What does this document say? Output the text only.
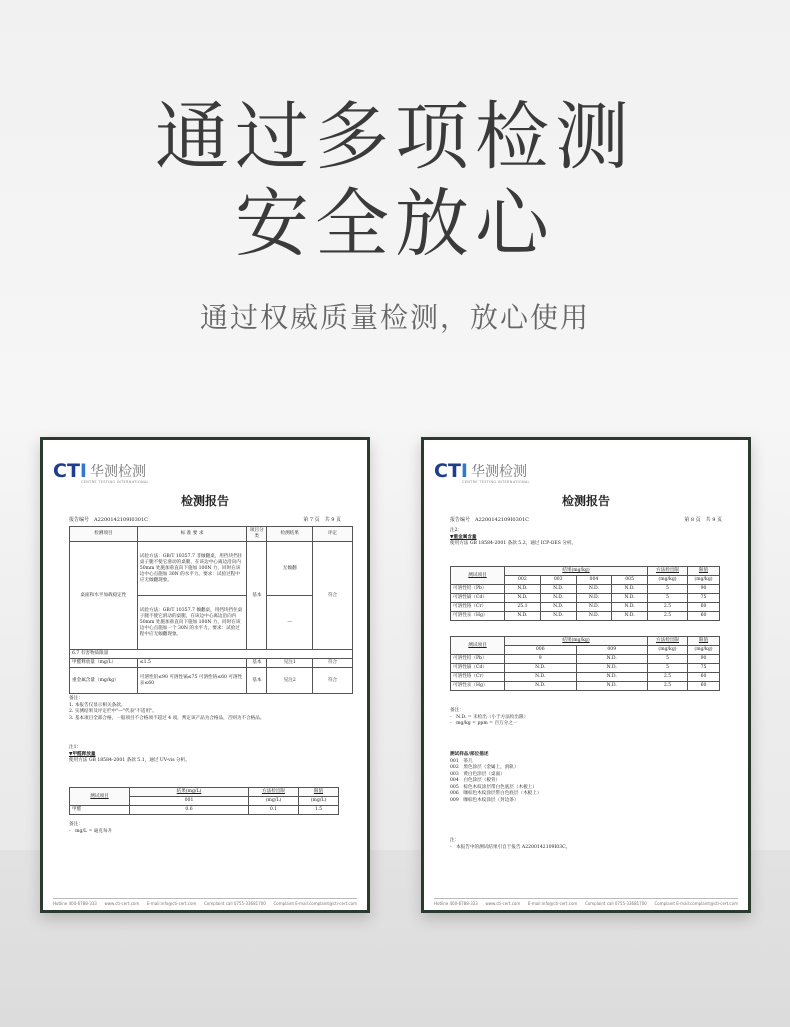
通过多项检测
安全放心
通过权威质量检测，放心使用
CTI 华测检测
CENTRE TESTING INTERNATIONAL
检测报告
报告编号　A2200142109I0301C	第 7 页　共 9 页
检测项目	标 准 要 求	项目分类	检测结果	评定
桌面和水平加载稳定性	试验方法：GB/T 10357.7 非倾翻桌，用挡块挡住桌子腿不使它滑动的桌腿，在该边中心离边沿向内 50mm 处施加垂直向下施加 100N 力，同时在该边中心点施加 30N 的水平力。要求：试验过程中应无倾翻现象。	基本	无倾翻	符合
	试验方法：GB/T 10357.7 倾翻桌，用挡块挡住桌子腿不使它滑动的桌腿，在该边中心离边沿向内 50mm 处施加垂直向下施加 100N 力，同时在该边中心点施加一个 30N 的水平力。要求：试验过程中应无倾翻现象。		—	
6.7 有害物质限量				
甲醛释放量（mg/L）	≤1.5	基本	见注1	符合
重金属含量（mg/kg）	可溶性铅≤90 可溶性镉≤75 可溶性铬≤60 可溶性汞≤60	基本	见注2	符合
备注：
1. 本报告仅显示相关条款。
2. 实测结果及评定栏中"—"代表"不适用"。
3. 基本项目全部合格，一般项目不合格项不超过 4 项，判定该产品为合格品，否则为不合格品。
注1：
▼甲醛释放量
使用方法 GB 18584-2001 条款 5.1，通过 UV-vis 分析。
测试项目	结果(mg/L)	方法检出限	限值
	001	(mg/L)	(mg/L)
甲醛	0.6	0.1	1.5
备注：
-　mg/L = 毫克每升
Hotline 400-6788-333 www.cti-cert.com E-mail:info@cti-cert.com Complaint call 0755-33681700 Complaint E-mail:complaint@cti-cert.com
CTI 华测检测
CENTRE TESTING INTERNATIONAL
检测报告
报告编号　A2200142109I0301C	第 8 页　共 9 页
注2：
▼重金属含量
使用方法 GB 18584-2001 条款 5.2，通过 ICP-OES 分析。
测试项目	结果(mg/kg)				方法检出限	限值
	002	003	004	005	(mg/kg)	(mg/kg)
可溶性铅（Pb）	N.D.	N.D.	N.D.	N.D.	5	90
可溶性镉（Cd）	N.D.	N.D.	N.D.	N.D.	5	75
可溶性铬（Cr）	25.1	N.D.	N.D.	N.D.	2.5	60
可溶性汞（Hg）	N.D.	N.D.	N.D.	N.D.	2.5	60
测试项目	结果(mg/kg)		方法检出限	限值
	006	009	(mg/kg)	(mg/kg)
可溶性铅（Pb）	9	N.D.	5	90
可溶性镉（Cd）	N.D.	N.D.	5	75
可溶性铬（Cr）	N.D.	N.D.	2.5	60
可溶性汞（Hg）	N.D.	N.D.	2.5	60
备注：
-　N.D. = 未检出（小于方法检出限）
-　mg/kg = ppm = 百万分之一
测试样品/部位描述
001　茶几
002　黑色涂层（金属上，滑轨）
003　黄白色涂层（桌面）
004　白色涂层（板背）
005　棕色木纹涂层带白色底层（木板上）
006　咖棕色木纹涂层带白色底层（木板上）
009　咖棕色木纹涂层（封边条）
注：
-　本报告中的测试结果引自于报告 A2200142109I03C。
Hotline 400-6788-333 www.cti-cert.com E-mail:info@cti-cert.com Complaint call 0755-33681700 Complaint E-mail:complaint@cti-cert.com
